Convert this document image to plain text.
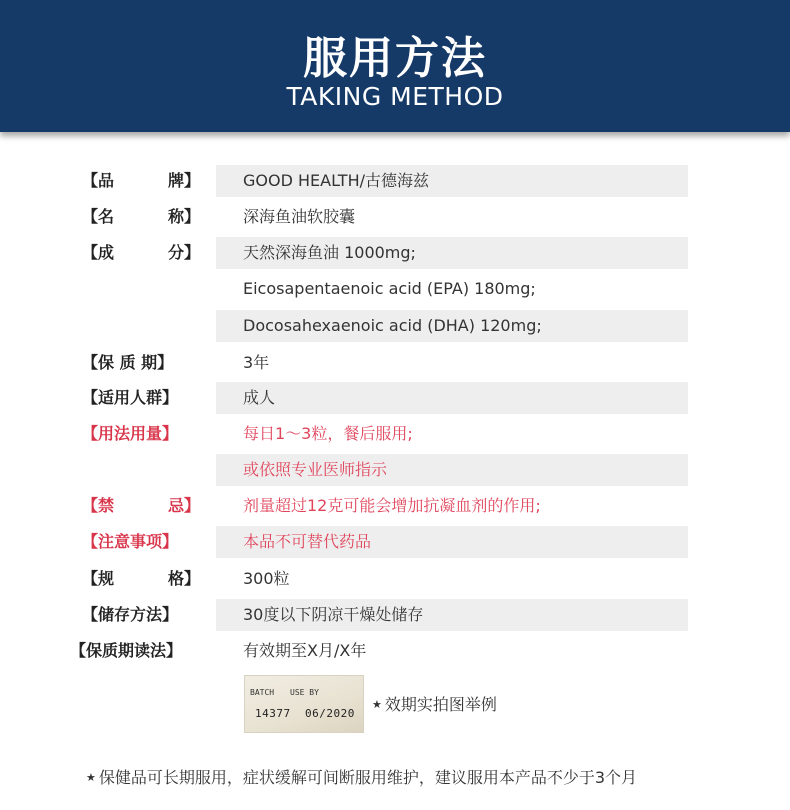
服用方法
TAKING METHOD
【品	牌】	GOOD HEALTH/古德海兹
【名	称】	深海鱼油软胶囊
【成	分】	天然深海鱼油 1000mg;
Eicosapentaenoic acid (EPA) 180mg;
Docosahexaenoic acid (DHA) 120mg;
【保 质 期】	3年
【适用人群】	成人
【用法用量】	每日1～3粒，餐后服用;
或依照专业医师指示
【禁	忌】	剂量超过12克可能会增加抗凝血剂的作用;
【注意事项】	本品不可替代药品
【规	格】	300粒
【储存方法】	30度以下阴凉干燥处储存
【保质期读法】	有效期至X月/X年
BATCH USE BY
14377 06/2020
★ 效期实拍图举例
★ 保健品可长期服用，症状缓解可间断服用维护，建议服用本产品不少于3个月
